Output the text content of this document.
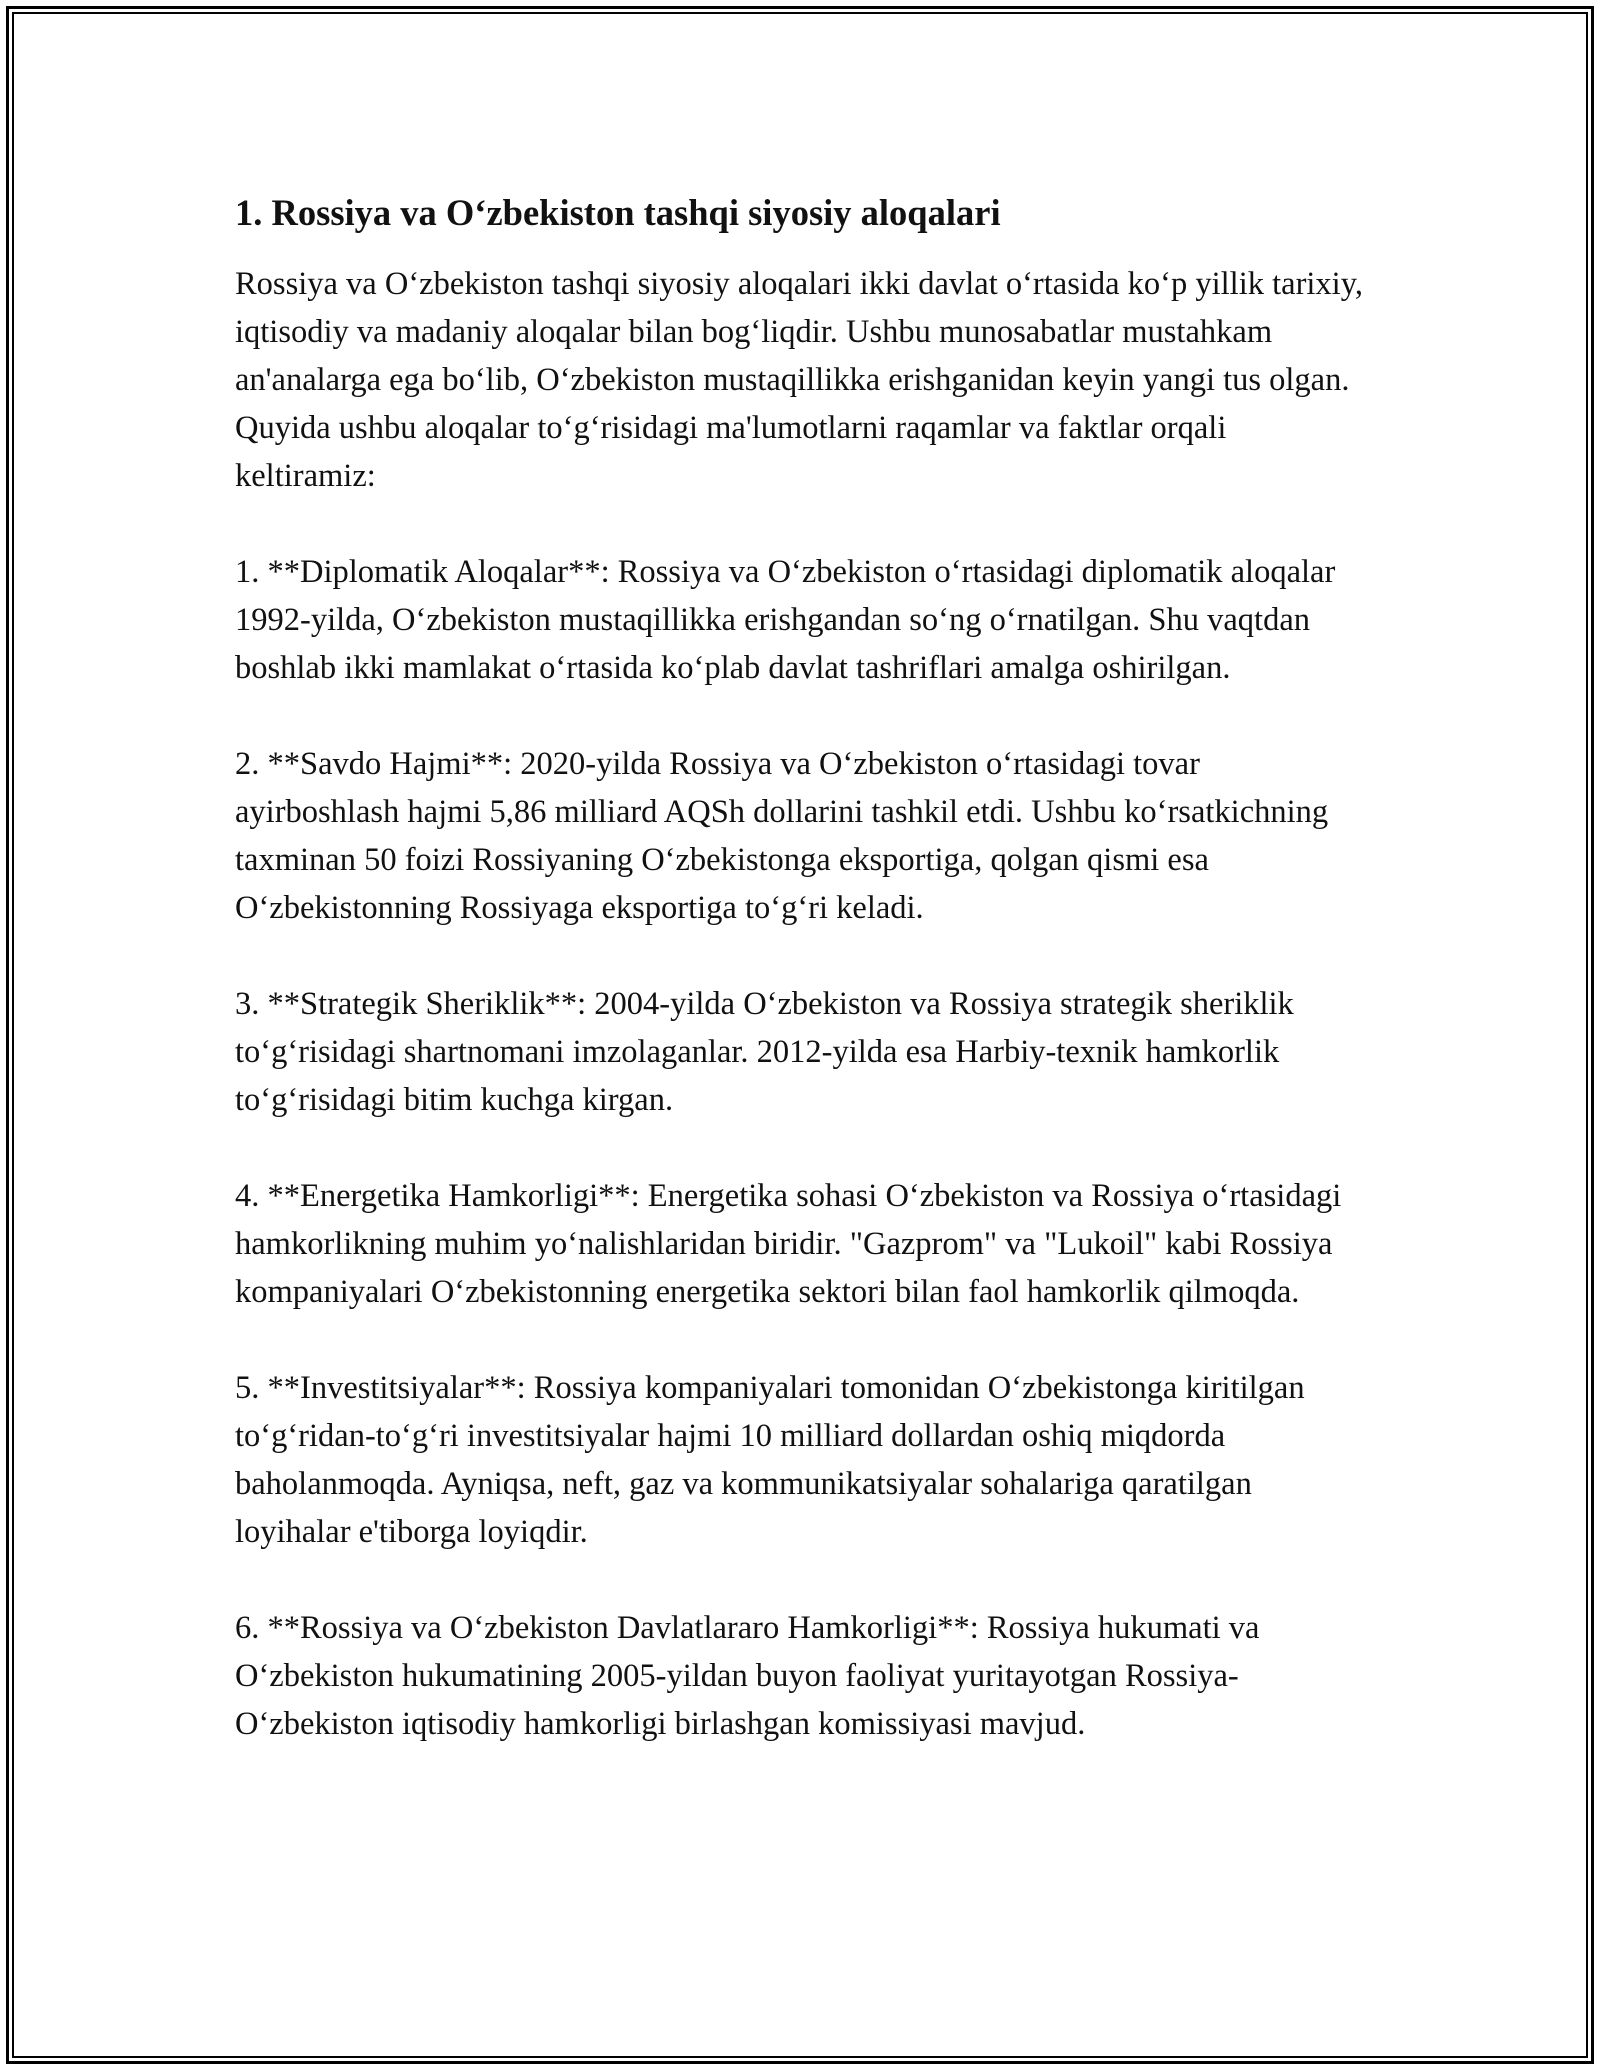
1. Rossiya va O‘zbekiston tashqi siyosiy aloqalari

Rossiya va O‘zbekiston tashqi siyosiy aloqalari ikki davlat o‘rtasida ko‘p yillik tarixiy, iqtisodiy va madaniy aloqalar bilan bog‘liqdir. Ushbu munosabatlar mustahkam an'analarga ega bo‘lib, O‘zbekiston mustaqillikka erishganidan keyin yangi tus olgan. Quyida ushbu aloqalar to‘g‘risidagi ma'lumotlarni raqamlar va faktlar orqali keltiramiz:

1. **Diplomatik Aloqalar**: Rossiya va O‘zbekiston o‘rtasidagi diplomatik aloqalar 1992-yilda, O‘zbekiston mustaqillikka erishgandan so‘ng o‘rnatilgan. Shu vaqtdan boshlab ikki mamlakat o‘rtasida ko‘plab davlat tashriflari amalga oshirilgan.

2. **Savdo Hajmi**: 2020-yilda Rossiya va O‘zbekiston o‘rtasidagi tovar ayirboshlash hajmi 5,86 milliard AQSh dollarini tashkil etdi. Ushbu ko‘rsatkichning taxminan 50 foizi Rossiyaning O‘zbekistonga eksportiga, qolgan qismi esa O‘zbekistonning Rossiyaga eksportiga to‘g‘ri keladi.

3. **Strategik Sheriklik**: 2004-yilda O‘zbekiston va Rossiya strategik sheriklik to‘g‘risidagi shartnomani imzolaganlar. 2012-yilda esa Harbiy-texnik hamkorlik to‘g‘risidagi bitim kuchga kirgan.

4. **Energetika Hamkorligi**: Energetika sohasi O‘zbekiston va Rossiya o‘rtasidagi hamkorlikning muhim yo‘nalishlaridan biridir. "Gazprom" va "Lukoil" kabi Rossiya kompaniyalari O‘zbekistonning energetika sektori bilan faol hamkorlik qilmoqda.

5. **Investitsiyalar**: Rossiya kompaniyalari tomonidan O‘zbekistonga kiritilgan to‘g‘ridan-to‘g‘ri investitsiyalar hajmi 10 milliard dollardan oshiq miqdorda baholanmoqda. Ayniqsa, neft, gaz va kommunikatsiyalar sohalariga qaratilgan loyihalar e'tiborga loyiqdir.

6. **Rossiya va O‘zbekiston Davlatlararo Hamkorligi**: Rossiya hukumati va O‘zbekiston hukumatining 2005-yildan buyon faoliyat yuritayotgan Rossiya-O‘zbekiston iqtisodiy hamkorligi birlashgan komissiyasi mavjud.
